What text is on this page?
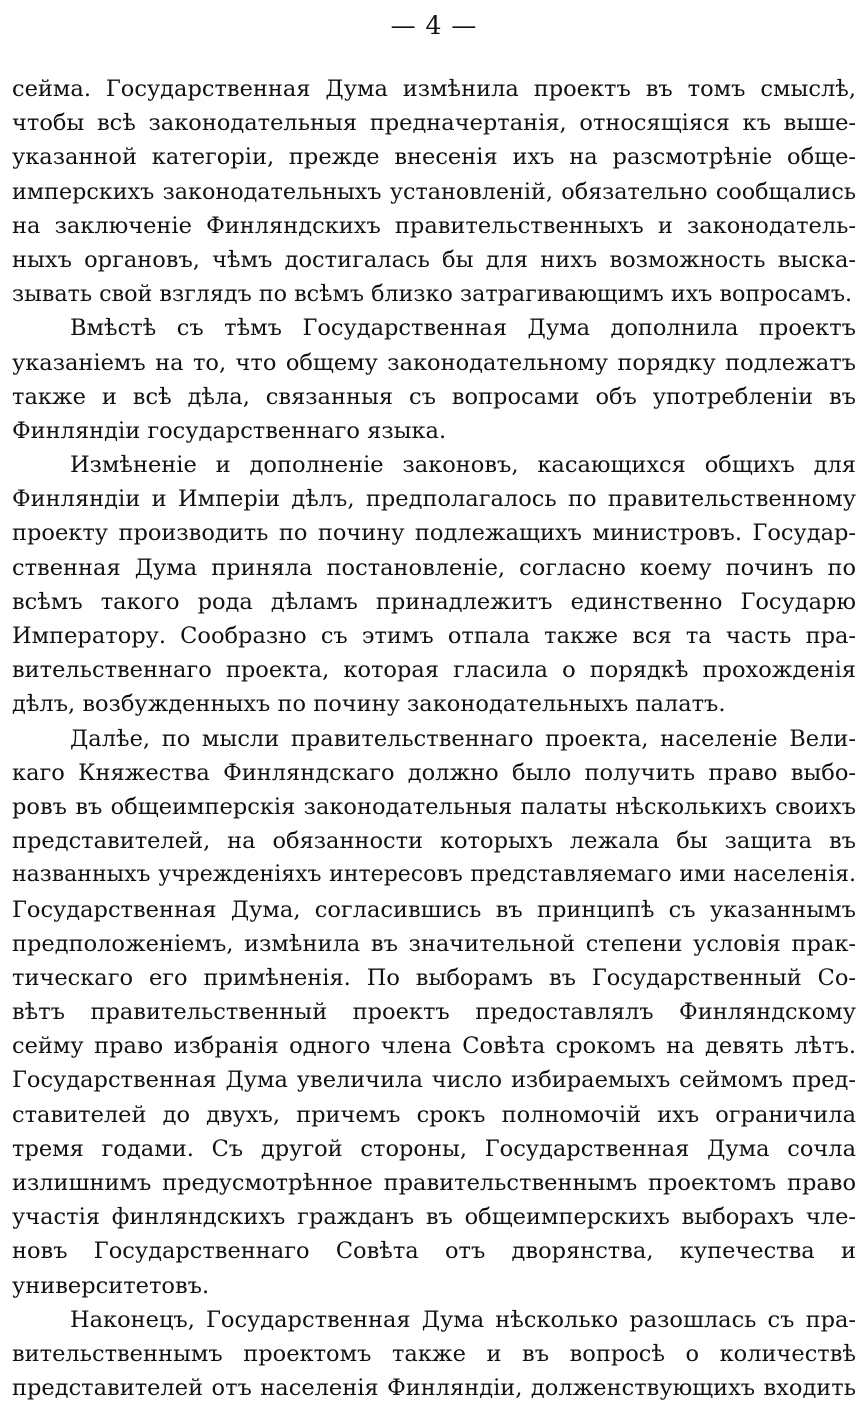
— 4 —
сейма. Государственная Дума измѣнила проектъ въ томъ смыслѣ,
чтобы всѣ законодательныя предначертанія, относящіяся къ выше-
указанной категоріи, прежде внесенія ихъ на разсмотрѣніе обще-
имперскихъ законодательныхъ установленій, обязательно сообщались
на заключеніе Финляндскихъ правительственныхъ и законодатель-
ныхъ органовъ, чѣмъ достигалась бы для нихъ возможность выска-
зывать свой взглядъ по всѣмъ близко затрагивающимъ ихъ вопросамъ.
Вмѣстѣ съ тѣмъ Государственная Дума дополнила проектъ
указаніемъ на то, что общему законодательному порядку подлежатъ
также и всѣ дѣла, связанныя съ вопросами объ употребленіи въ
Финляндіи государственнаго языка.
Измѣненіе и дополненіе законовъ, касающихся общихъ для
Финляндіи и Имперіи дѣлъ, предполагалось по правительственному
проекту производить по почину подлежащихъ министровъ. Государ-
ственная Дума приняла постановленіе, согласно коему починъ по
всѣмъ такого рода дѣламъ принадлежитъ единственно Государю
Императору. Сообразно съ этимъ отпала также вся та часть пра-
вительственнаго проекта, которая гласила о порядкѣ прохожденія
дѣлъ, возбужденныхъ по почину законодательныхъ палатъ.
Далѣе, по мысли правительственнаго проекта, населеніе Вели-
каго Княжества Финляндскаго должно было получить право выбо-
ровъ въ общеимперскія законодательныя палаты нѣсколькихъ своихъ
представителей, на обязанности которыхъ лежала бы защита въ
названныхъ учрежденіяхъ интересовъ представляемаго ими населенія.
Государственная Дума, согласившись въ принципѣ съ указаннымъ
предположеніемъ, измѣнила въ значительной степени условія прак-
тическаго его примѣненія. По выборамъ въ Государственный Со-
вѣтъ правительственный проектъ предоставлялъ Финляндскому
сейму право избранія одного члена Совѣта срокомъ на девять лѣтъ.
Государственная Дума увеличила число избираемыхъ сеймомъ пред-
ставителей до двухъ, причемъ срокъ полномочій ихъ ограничила
тремя годами. Съ другой стороны, Государственная Дума сочла
излишнимъ предусмотрѣнное правительственнымъ проектомъ право
участія финляндскихъ гражданъ въ общеимперскихъ выборахъ чле-
новъ Государственнаго Совѣта отъ дворянства, купечества и
университетовъ.
Наконецъ, Государственная Дума нѣсколько разошлась съ пра-
вительственнымъ проектомъ также и въ вопросѣ о количествѣ
представителей отъ населенія Финляндіи, долженствующихъ входить
